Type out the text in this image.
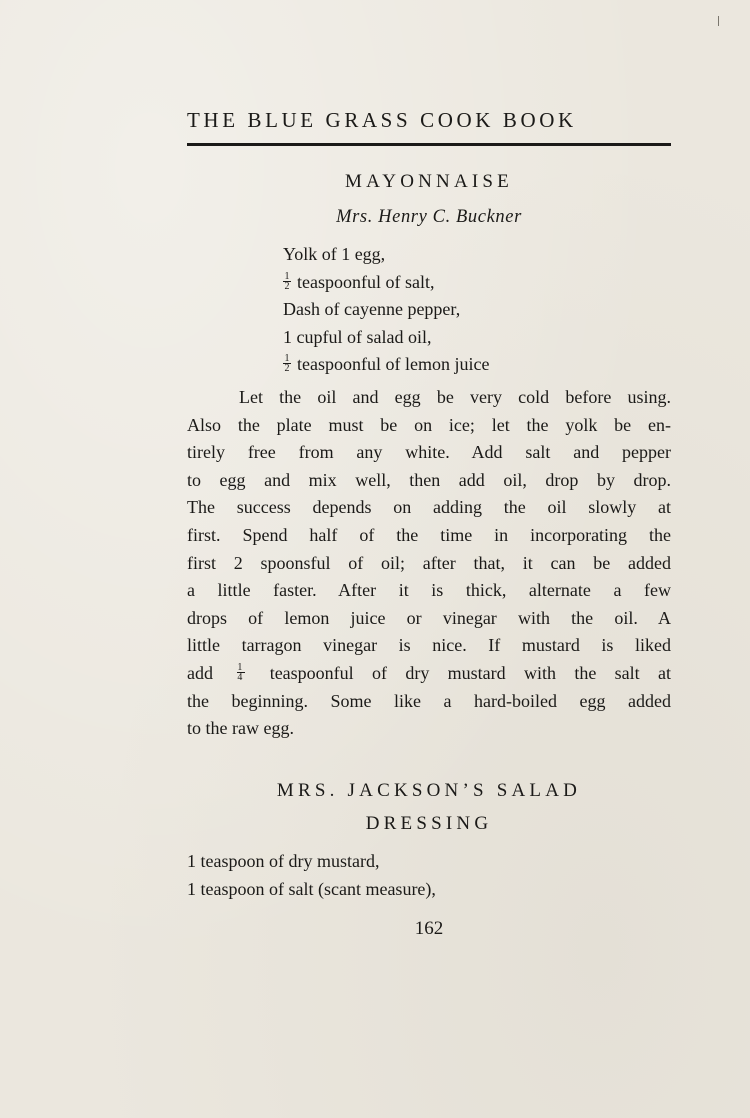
THE BLUE GRASS COOK BOOK
MAYONNAISE
Mrs. Henry C. Buckner
Yolk of 1 egg,
$\frac{1}{2}$ teaspoonful of salt,
Dash of cayenne pepper,
1 cupful of salad oil,
$\frac{1}{2}$ teaspoonful of lemon juice
Let the oil and egg be very cold before using.
Also the plate must be on ice; let the yolk be en-
tirely free from any white. Add salt and pepper
to egg and mix well, then add oil, drop by drop.
The success depends on adding the oil slowly at
first. Spend half of the time in incorporating the
first 2 spoonsful of oil; after that, it can be added
a little faster. After it is thick, alternate a few
drops of lemon juice or vinegar with the oil. A
little tarragon vinegar is nice. If mustard is liked
add $\frac{1}{4}$ teaspoonful of dry mustard with the salt at
the beginning. Some like a hard-boiled egg added
to the raw egg.
MRS. JACKSON’S SALAD
DRESSING
1 teaspoon of dry mustard,
1 teaspoon of salt (scant measure),
162
